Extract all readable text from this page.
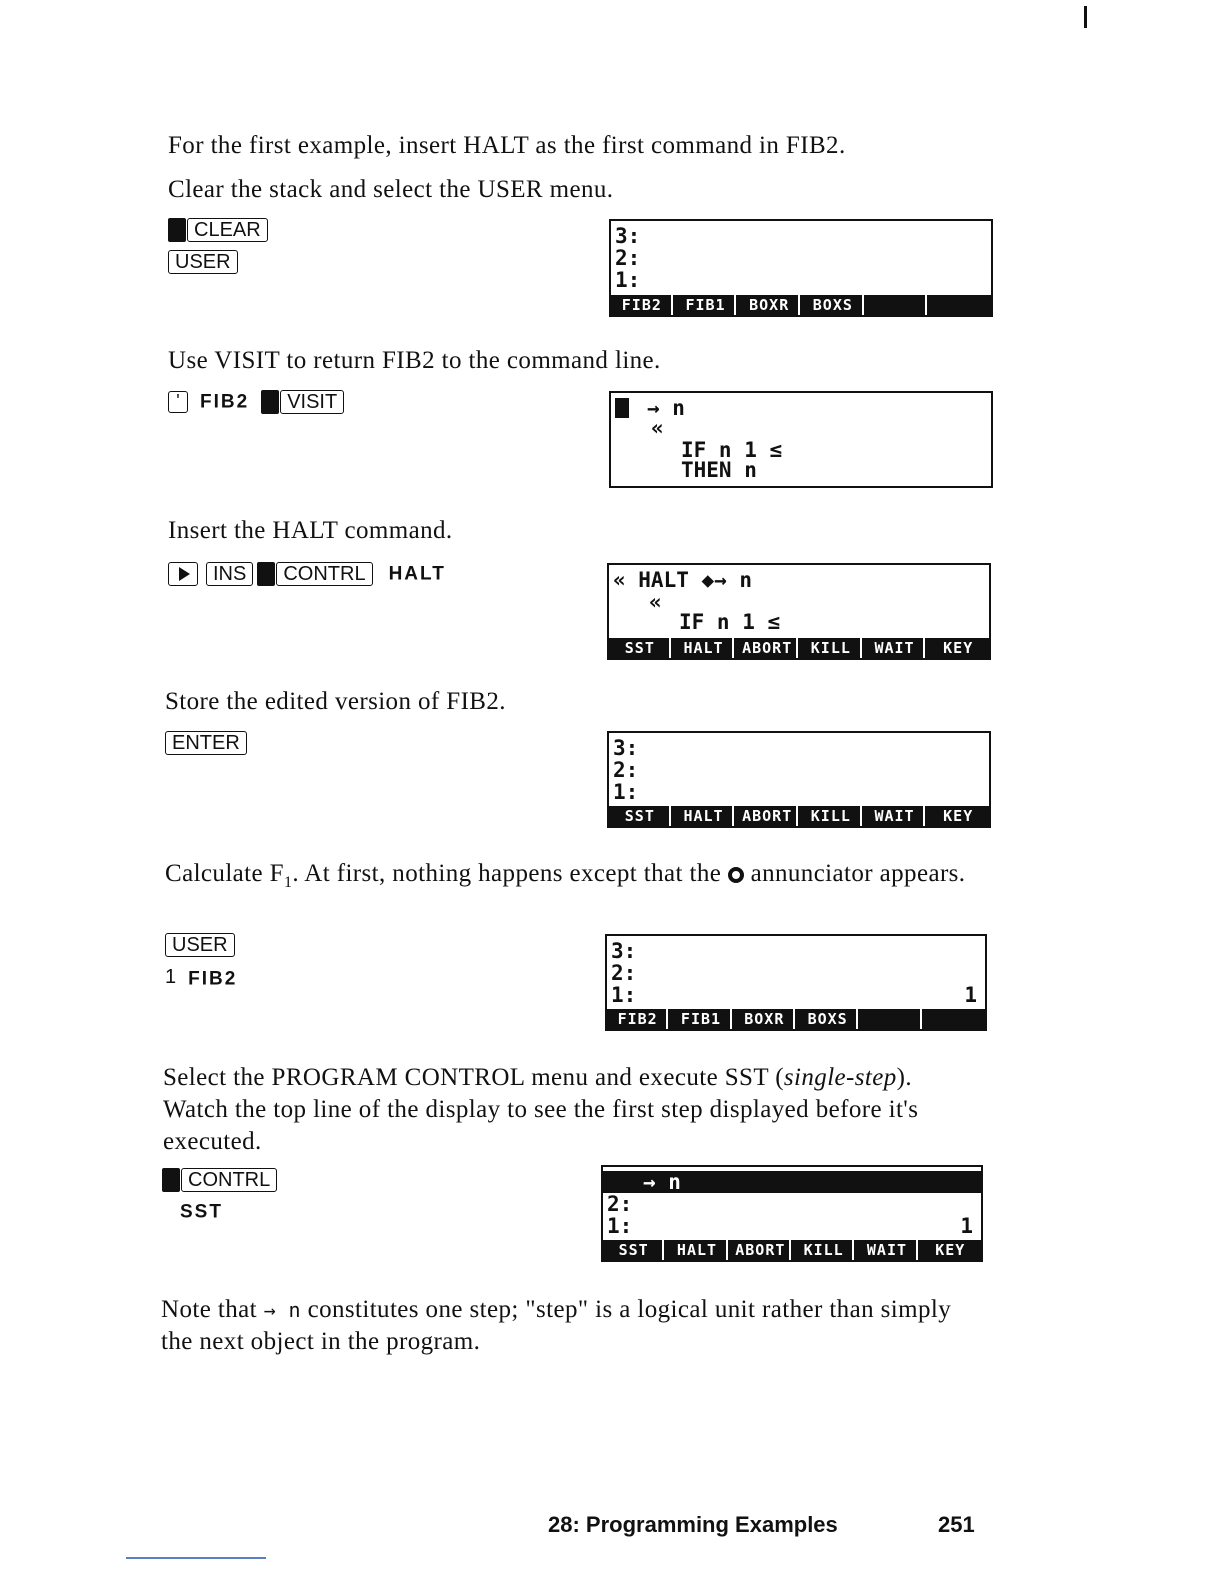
For the first example, insert HALT as the first command in FIB2.
Clear the stack and select the USER menu.
CLEAR
USER
3:
2:
1:
FIB2	FIB1	BOXR	BOXS
Use VISIT to return FIB2 to the command line.
' FIB2 VISIT	→ n
«
IF n 1 ≤
THEN n
Insert the HALT command.
INS CONTRL HALT	« HALT ◆→ n
«
IF n 1 ≤
SST	HALT	ABORT	KILL	WAIT	KEY
Store the edited version of FIB2.
ENTER	3:
2:
1:
SST	HALT	ABORT	KILL	WAIT	KEY
Calculate $F_1$. At first, nothing happens except that the annunciator appears.
USER
1 FIB2
3:
2:
1:	1
FIB2	FIB1	BOXR	BOXS
Select the PROGRAM CONTROL menu and execute SST (single-step). Watch the top line of the display to see the first step displayed before it's executed.
CONTRL
SST
→ n
2:
1:	1
SST	HALT	ABORT	KILL	WAIT	KEY
Note that → n constitutes one step; "step" is a logical unit rather than simply the next object in the program.
28: Programming Examples	251
